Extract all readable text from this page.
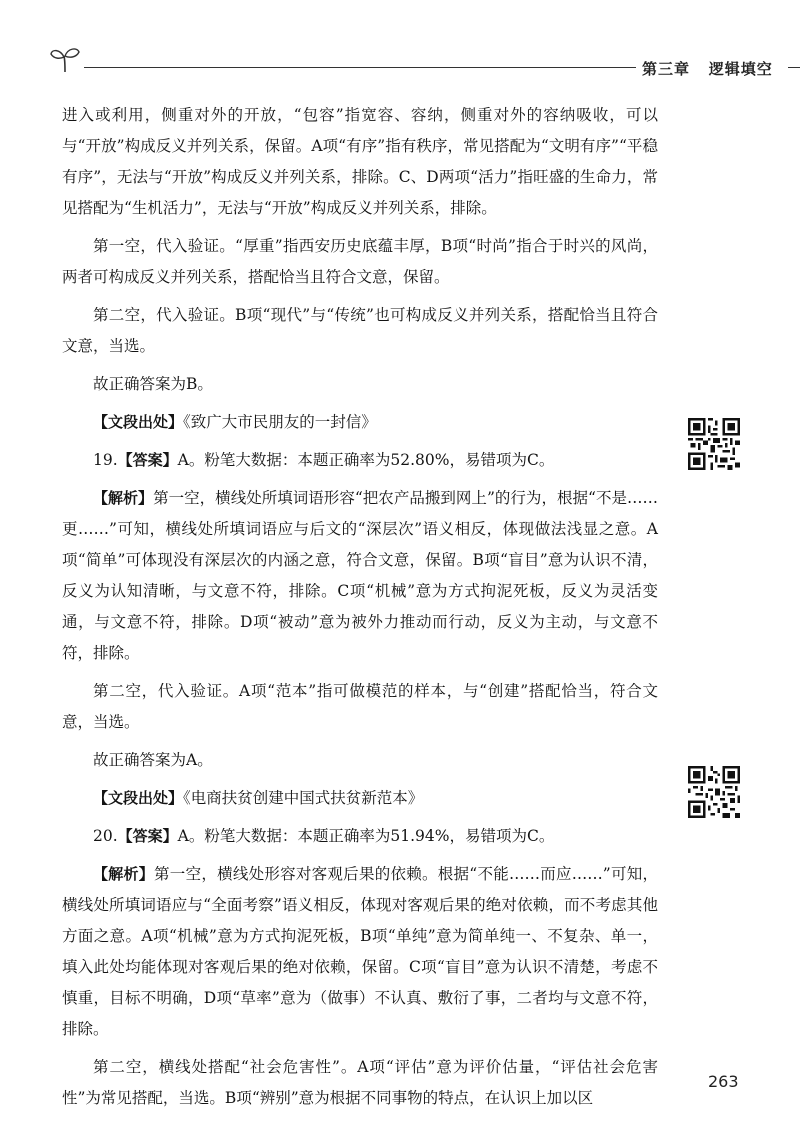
第三章 逻辑填空

进入或利用，侧重对外的开放，“包容”指宽容、容纳，侧重对外的容纳吸收，可以与“开放”构成反义并列关系，保留。A项“有序”指有秩序，常见搭配为“文明有序”“平稳有序”，无法与“开放”构成反义并列关系，排除。C、D两项“活力”指旺盛的生命力，常见搭配为“生机活力”，无法与“开放”构成反义并列关系，排除。

第一空，代入验证。“厚重”指西安历史底蕴丰厚，B项“时尚”指合于时兴的风尚，两者可构成反义并列关系，搭配恰当且符合文意，保留。

第二空，代入验证。B项“现代”与“传统”也可构成反义并列关系，搭配恰当且符合文意，当选。

故正确答案为B。

【文段出处】《致广大市民朋友的一封信》

19.【答案】A。粉笔大数据：本题正确率为52.80%，易错项为C。

【解析】第一空，横线处所填词语形容“把农产品搬到网上”的行为，根据“不是……更……”可知，横线处所填词语应与后文的“深层次”语义相反，体现做法浅显之意。A项“简单”可体现没有深层次的内涵之意，符合文意，保留。B项“盲目”意为认识不清，反义为认知清晰，与文意不符，排除。C项“机械”意为方式拘泥死板，反义为灵活变通，与文意不符，排除。D项“被动”意为被外力推动而行动，反义为主动，与文意不符，排除。

第二空，代入验证。A项“范本”指可做模范的样本，与“创建”搭配恰当，符合文意，当选。

故正确答案为A。

【文段出处】《电商扶贫创建中国式扶贫新范本》

20.【答案】A。粉笔大数据：本题正确率为51.94%，易错项为C。

【解析】第一空，横线处形容对客观后果的依赖。根据“不能……而应……”可知，横线处所填词语应与“全面考察”语义相反，体现对客观后果的绝对依赖，而不考虑其他方面之意。A项“机械”意为方式拘泥死板，B项“单纯”意为简单纯一、不复杂、单一，填入此处均能体现对客观后果的绝对依赖，保留。C项“盲目”意为认识不清楚，考虑不慎重，目标不明确，D项“草率”意为（做事）不认真、敷衍了事，二者均与文意不符，排除。

第二空，横线处搭配“社会危害性”。A项“评估”意为评价估量，“评估社会危害性”为常见搭配，当选。B项“辨别”意为根据不同事物的特点，在认识上加以区

263
